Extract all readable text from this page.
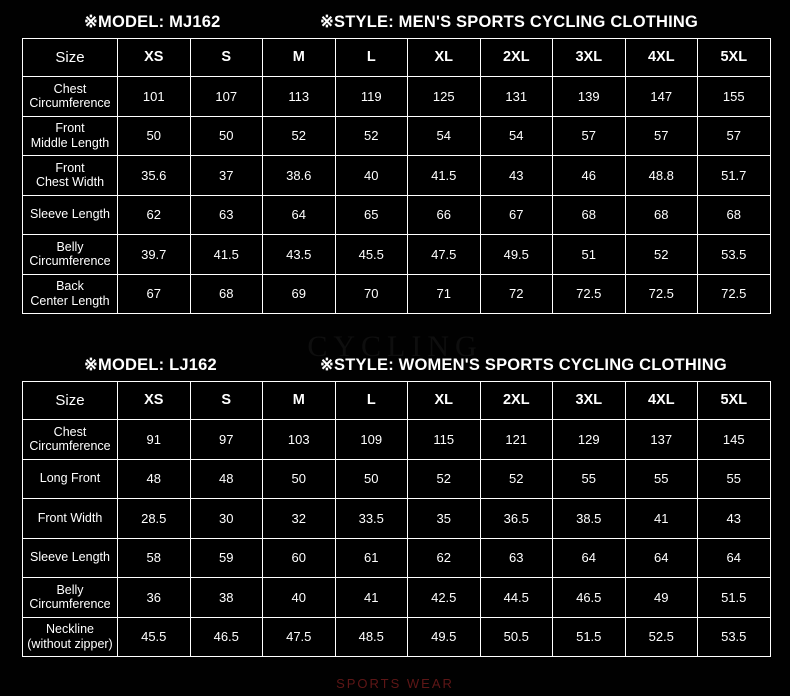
CYCLING
SPORTS WEAR
※MODEL: MJ162	※STYLE: MEN'S SPORTS CYCLING CLOTHING
Size	XS	S	M	L	XL	2XL	3XL	4XL	5XL

Chest
Circumference	101	107	113	119	125	131	139	147	155

Front
Middle Length	50	50	52	52	54	54	57	57	57

Front
Chest Width	35.6	37	38.6	40	41.5	43	46	48.8	51.7

Sleeve Length	62	63	64	65	66	67	68	68	68

Belly
Circumference	39.7	41.5	43.5	45.5	47.5	49.5	51	52	53.5

Back
Center Length	67	68	69	70	71	72	72.5	72.5	72.5
※MODEL: LJ162	※STYLE: WOMEN'S SPORTS CYCLING CLOTHING
Size	XS	S	M	L	XL	2XL	3XL	4XL	5XL

Chest
Circumference	91	97	103	109	115	121	129	137	145

Long Front	48	48	50	50	52	52	55	55	55

Front Width	28.5	30	32	33.5	35	36.5	38.5	41	43

Sleeve Length	58	59	60	61	62	63	64	64	64

Belly
Circumference	36	38	40	41	42.5	44.5	46.5	49	51.5

Neckline
(without zipper)	45.5	46.5	47.5	48.5	49.5	50.5	51.5	52.5	53.5
